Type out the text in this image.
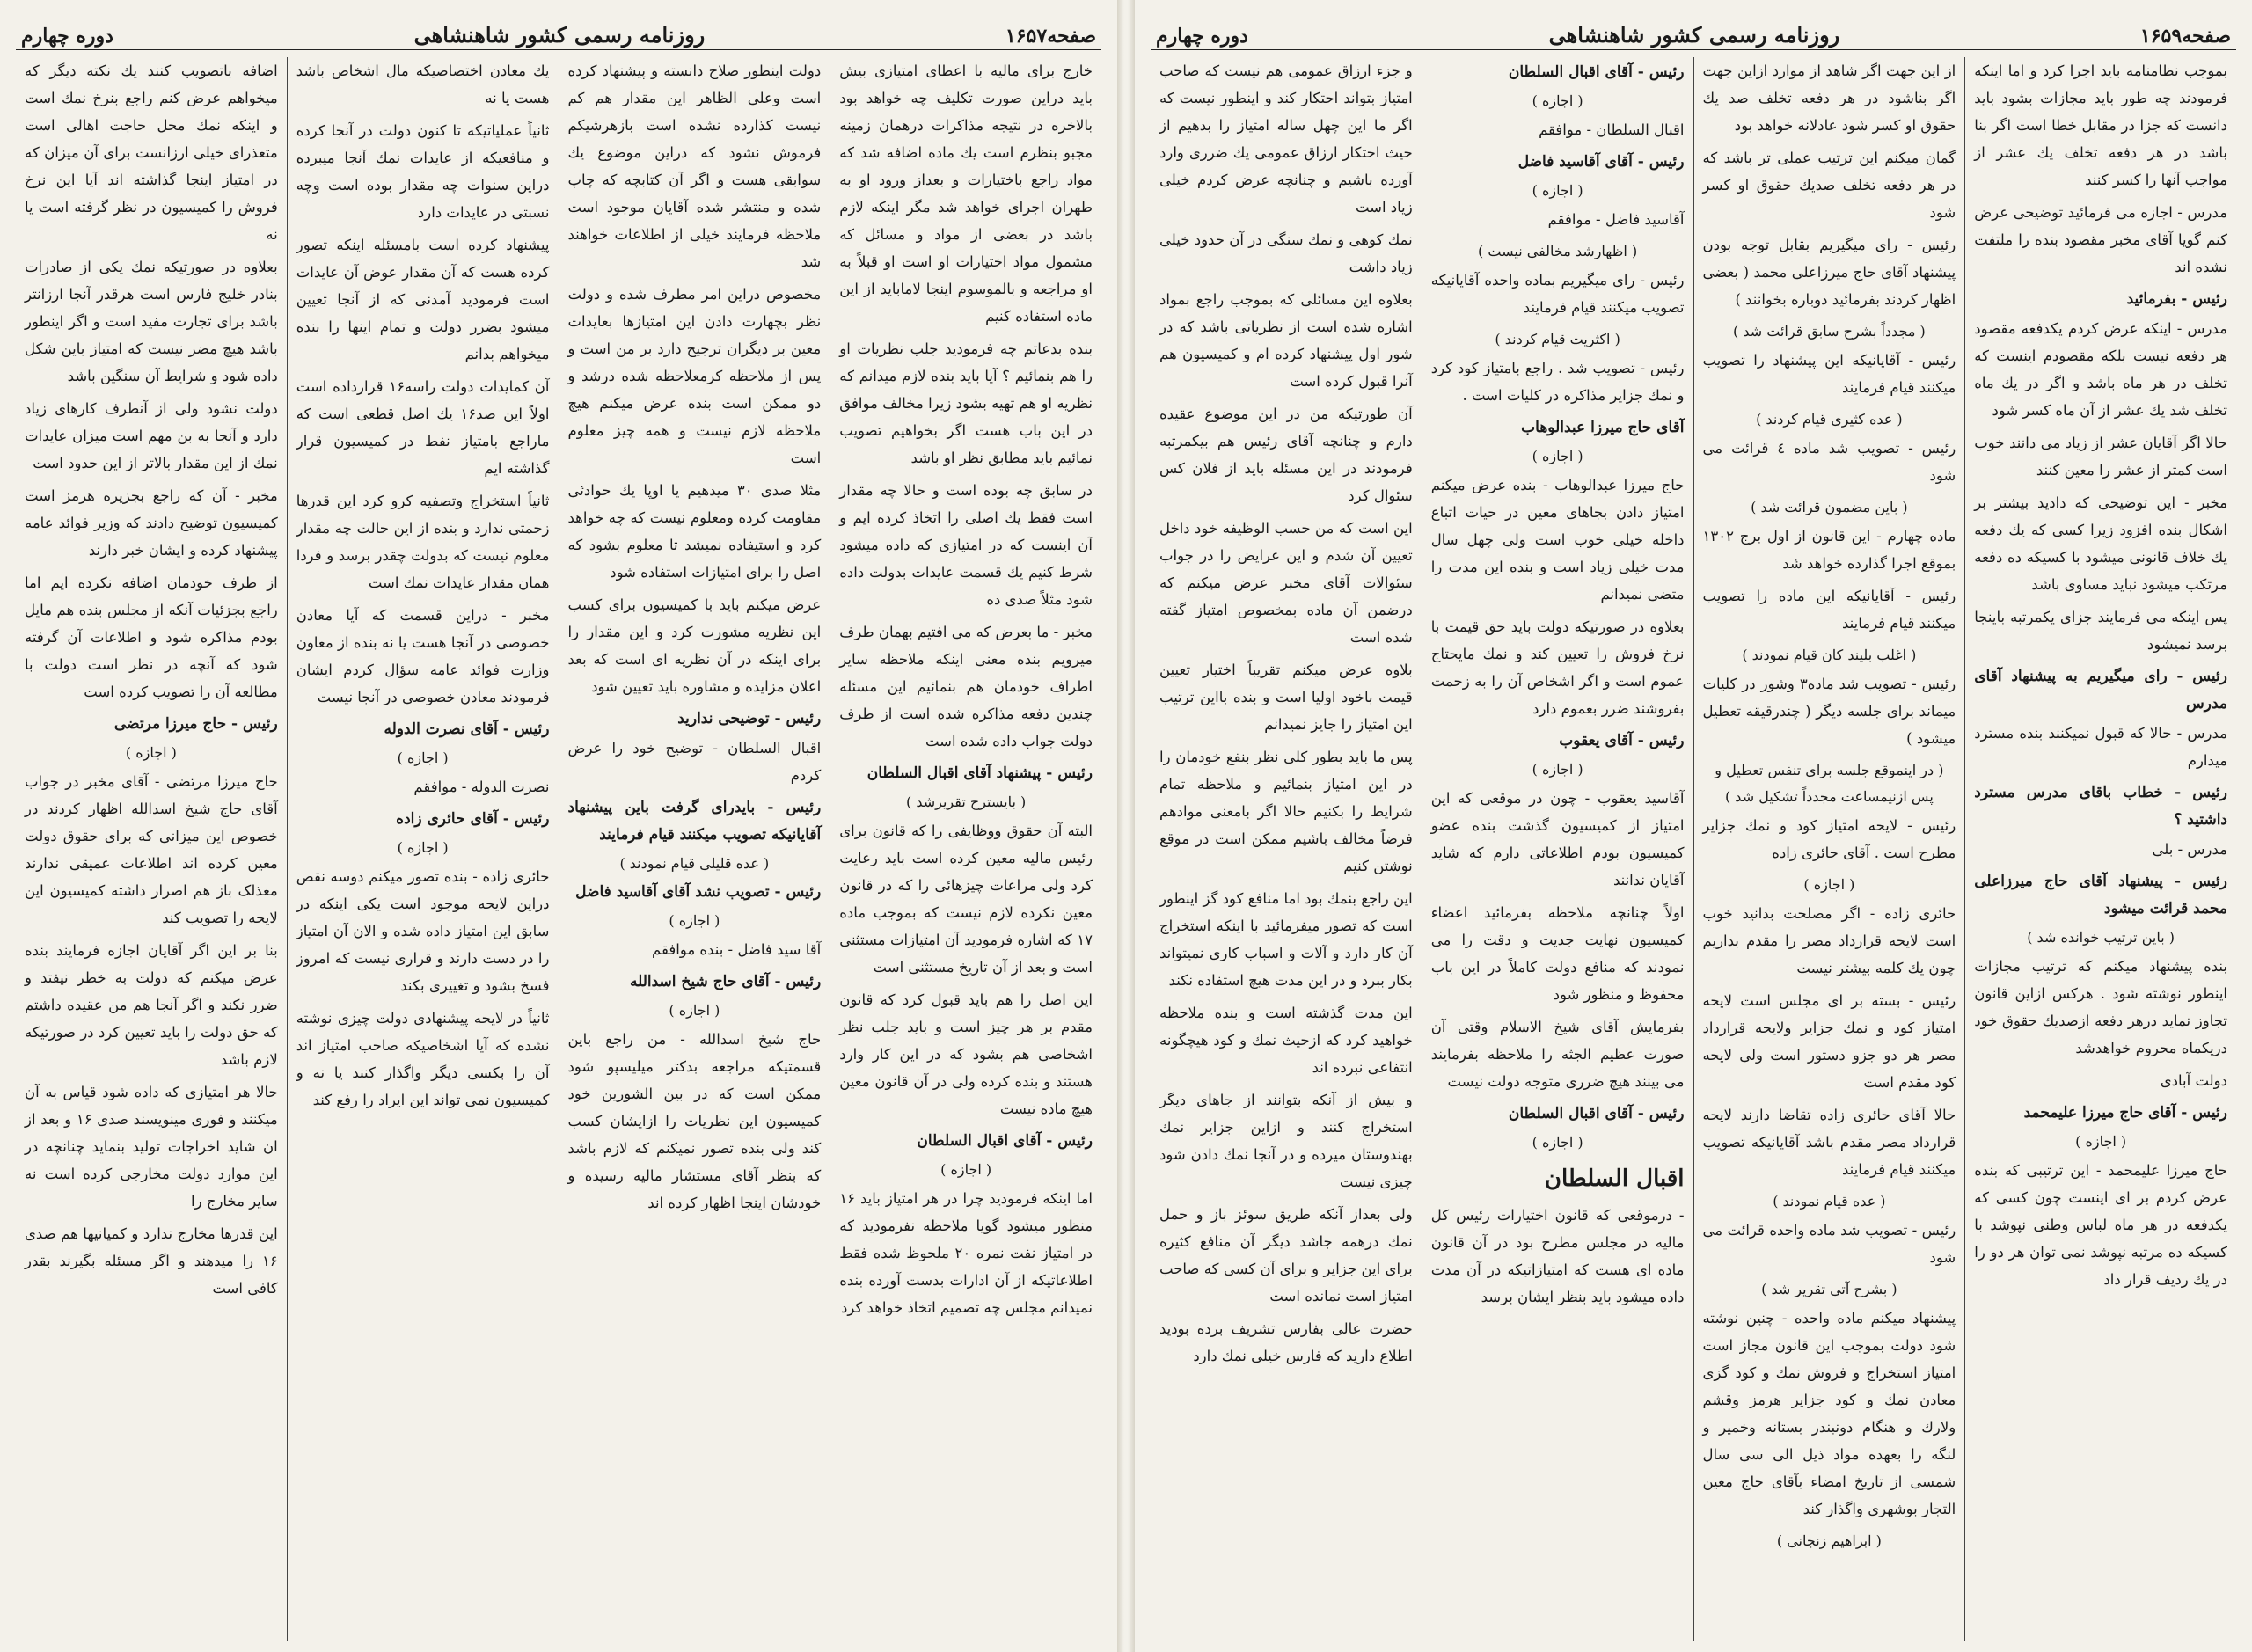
صفحه۱۶۵۹
روزنامه رسمی کشور شاهنشاهی
دوره چهارم

بموجب نظامنامه باید اجرا کرد و اما اینکه فرمودند چه طور باید مجازات بشود باید دانست که جزا در مقابل خطا است اگر بنا باشد در هر دفعه تخلف یك عشر از مواجب آنها را کسر کنند

مدرس - اجازه می فرمائید توضیحی عرض کنم گویا آقای مخبر مقصود بنده را ملتفت نشده اند

رئیس - بفرمائید

مدرس - اینکه عرض کردم یکدفعه مقصود هر دفعه نیست بلکه مقصودم اینست که تخلف در هر ماه باشد و اگر در یك ماه تخلف شد یك عشر از آن ماه کسر شود

حالا اگر آقایان عشر از زیاد می دانند خوب است کمتر از عشر را معین کنند

مخبر - این توضیحی که دادید بیشتر بر اشکال بنده افزود زیرا کسی که یك دفعه یك خلاف قانونی میشود با کسیکه ده دفعه مرتکب میشود نباید مساوی باشد

پس اینکه می فرمایند جزای یکمرتبه باینجا برسد نمیشود

رئیس - رای میگیریم به پیشنهاد آقای مدرس

مدرس - حالا که قبول نمیکنند بنده مسترد میدارم

رئیس - خطاب باقای مدرس مسترد داشتید ؟

مدرس - بلی

رئیس - پیشنهاد آقای حاج میرزاعلی محمد قرائت میشود

( باین ترتیب خوانده شد )

بنده پیشنهاد میکنم که ترتیب مجازات اینطور نوشته شود . هرکس ازاین قانون تجاوز نماید درهر دفعه ازصدیك حقوق خود دریکماه محروم خواهدشد

دولت آبادی

رئیس - آقای حاج میرزا علیمحمد

( اجازه )

حاج میرزا علیمحمد - این ترتیبی که بنده عرض کردم بر ای اینست چون کسی که یکدفعه در هر ماه لباس وطنی نپوشد با کسیکه ده مرتبه نپوشد نمی توان هر دو را در یك ردیف قرار داد

از این جهت اگر شاهد از موارد ازاین جهت اگر بناشود در هر دفعه تخلف صد یك حقوق او کسر شود عادلانه خواهد بود

گمان میکنم این ترتیب عملی تر باشد که در هر دفعه تخلف صدیك حقوق او کسر شود

رئیس - رای میگیریم بقابل توجه بودن پیشنهاد آقای حاج میرزاعلی محمد ( بعضی اظهار کردند بفرمائید دوباره بخوانند )

( مجدداً بشرح سابق قرائت شد )

رئیس - آقایانیکه این پیشنهاد را تصویب میکنند قیام فرمایند

( عده کثیری قیام کردند )

رئیس - تصویب شد ماده ٤ قرائت می شود

( باین مضمون قرائت شد )

ماده چهارم - این قانون از اول برج ۱۳۰۲ بموقع اجرا گذارده خواهد شد

رئیس - آقایانیکه این ماده را تصویب میکنند قیام فرمایند

( اغلب بلیند کان قیام نمودند )

رئیس - تصویب شد ماده۳ وشور در کلیات میماند برای جلسه دیگر ( چندرقیقه تعطیل میشود )

( در اینموقع جلسه برای تنفس تعطیل و پس ازنیمساعت مجدداً تشکیل شد )

رئیس - لایحه امتیاز کود و نمك جزایر مطرح است . آقای حائری زاده

( اجازه )

حائری زاده - اگر مصلحت بدانید خوب است لایحه قرارداد مصر را مقدم بداریم چون یك کلمه بیشتر نیست

رئیس - بسته بر ای مجلس است لایحه امتیاز کود و نمك جزایر ولایحه قرارداد مصر هر دو جزو دستور است ولی لایحه کود مقدم است

حالا آقای حائری زاده تقاضا دارند لایحه قرارداد مصر مقدم باشد آقایانیکه تصویب میکنند قیام فرمایند

( عده قیام نمودند )

رئیس - تصویب شد ماده واحده قرائت می شود

( بشرح آتی تقریر شد )

پیشنهاد میکنم ماده واحده - چنین نوشته شود دولت بموجب این قانون مجاز است امتیاز استخراج و فروش نمك و کود گزی معادن نمك و کود جزایر هرمز وقشم ولارك و هنگام دونبندر بستانه وخمیر و لنگه را بعهده مواد ذیل الی سی سال شمسی از تاریخ امضاء بآقای حاج معین التجار بوشهری واگذار کند

( ابراهیم زنجانی )

رئیس - آقای اقبال السلطان

( اجازه )

اقبال السلطان - موافقم

رئیس - آقای آقاسید فاضل

( اجازه )

آقاسید فاضل - موافقم

( اظهارشد مخالفی نیست )

رئیس - رای میگیریم بماده واحده آقایانیکه تصویب میکنند قیام فرمایند

( اکثریت قیام کردند )

رئیس - تصویب شد . راجع بامتیاز کود کرد و نمك جزایر مذاکره در کلیات است .

آقای حاج میرزا عبدالوهاب

( اجازه )

حاج میرزا عبدالوهاب - بنده عرض میکنم امتیاز دادن بجاهای معین در حیات اتباع داخله خیلی خوب است ولی چهل سال مدت خیلی زیاد است و بنده این مدت را متضی نمیدانم

بعلاوه در صورتیکه دولت باید حق قیمت با نرخ فروش را تعیین کند و نمك مایحتاج عموم است و اگر اشخاص آن را به زحمت بفروشند ضرر بعموم دارد

رئیس - آقای یعقوب

( اجازه )

آقاسید یعقوب - چون در موقعی که این امتیاز از کمیسیون گذشت بنده عضو کمیسیون بودم اطلاعاتی دارم که شاید آقایان ندانند

اولاً چنانچه ملاحظه بفرمائید اعضاء کمیسیون نهایت جدیت و دقت را می نمودند که منافع دولت کاملاً در این باب محفوظ و منظور شود

بفرمایش آقای شیخ الاسلام وقتی آن صورت عظیم الجثه را ملاحظه بفرمایند می بینند هیچ ضرری متوجه دولت نیست

رئیس - آقای اقبال السلطان

( اجازه )

اقبال السلطان

- درموقعی که قانون اختیارات رئیس کل مالیه در مجلس مطرح بود در آن قانون ماده ای هست که امتیازاتیکه در آن مدت داده میشود باید بنظر ایشان برسد

و جزء ارزاق عمومی هم نیست که صاحب امتیاز بتواند احتکار کند و اینطور نیست که اگر ما این چهل ساله امتیاز را بدهیم از حیث احتکار ارزاق عمومی یك ضرری وارد آورده باشیم و چنانچه عرض کردم خیلی زیاد است

نمك کوهی و نمك سنگی در آن حدود خیلی زیاد داشت

بعلاوه این مسائلی که بموجب راجع بمواد اشاره شده است از نظریاتی باشد که در شور اول پیشنهاد کرده ام و کمیسیون هم آنرا قبول کرده است

آن طورتیکه من در این موضوع عقیده دارم و چنانچه آقای رئیس هم بیکمرتبه فرمودند در این مسئله باید از فلان کس سئوال کرد

این است که من حسب الوظیفه خود داخل تعیین آن شدم و این عرایض را در جواب سئوالات آقای مخبر عرض میکنم که درضمن آن ماده بمخصوص امتیاز گفته شده است

بلاوه عرض میکنم تقریباً اختیار تعیین قیمت باخود اولیا است و بنده بااین ترتیب این امتیاز را جایز نمیدانم

پس ما باید بطور کلی نظر بنفع خودمان را در این امتیاز بنمائیم و ملاحظه تمام شرایط را بکنیم حالا اگر بامعنی موادهم فرضاً مخالف باشیم ممکن است در موقع نوشتن کنیم

این راجع بنمك بود اما منافع کود گز اینطور است که تصور میفرمائید با اینکه استخراج آن کار دارد و آلات و اسباب کاری نمیتواند بکار ببرد و در این مدت هیچ استفاده نکند

این مدت گذشته است و بنده ملاحظه خواهید کرد که ازحیث نمك و کود هیچگونه انتفاعی نبرده اند

و بیش از آنکه بتوانند از جاهای دیگر استخراج کنند و ازاین جزایر نمك بهندوستان میرده و در آنجا نمك دادن شود چیزی نیست

ولی بعداز آنکه طریق سوئز باز و حمل نمك درهمه جاشد دیگر آن منافع کثیره برای این جزایر و برای آن کسی که صاحب امتیاز است نمانده است

حضرت عالی بفارس تشریف برده بودید اطلاع دارید که فارس خیلی نمك دارد

صفحه۱۶۵۷
روزنامه رسمی کشور شاهنشاهی
دوره چهارم

خارج برای مالیه با اعطای امتیازی بیش باید دراین صورت تکلیف چه خواهد بود بالاخره در نتیجه مذاکرات درهمان زمینه مجبو بنظرم است یك ماده اضافه شد که مواد راجع باختیارات و بعداز ورود او به طهران اجرای خواهد شد مگر اینکه لازم باشد در بعضی از مواد و مسائل که مشمول مواد اختیارات او است او قبلاً به او مراجعه و بالموسوم اینجا لاماباید از این ماده استفاده کنیم

بنده بدعاتم چه فرمودید جلب نظریات او را هم بنمائیم ؟ آیا باید بنده لازم میدانم که نظریه او هم تهیه بشود زیرا مخالف موافق در این باب هست اگر بخواهیم تصویب نمائیم باید مطابق نظر او باشد

در سابق چه بوده است و حالا چه مقدار است فقط یك اصلی را اتخاذ کرده ایم و آن اینست که در امتیازی که داده میشود شرط کنیم یك قسمت عایدات بدولت داده شود مثلاً صدی ده

مخبر - ما بعرض که می افتیم بهمان طرف میرویم بنده معنی اینکه ملاحظه سایر اطراف خودمان هم بنمائیم این مسئله چندین دفعه مذاکره شده است از طرف دولت جواب داده شده است

رئیس - پیشنهاد آقای اقبال السلطان

( بایسترح تقریرشد )

البته آن حقوق ووظایفی را که قانون برای رئیس مالیه معین کرده است باید رعایت کرد ولی مراعات چیزهائی را که در قانون معین نکرده لازم نیست که بموجب ماده ۱۷ که اشاره فرمودید آن امتیازات مستثنی است و بعد از آن تاریخ مستثنی است

این اصل را هم باید قبول کرد که قانون مقدم بر هر چیز است و باید جلب نظر اشخاصی هم بشود که در این کار وارد هستند و بنده کرده ولی در آن قانون معین هیچ ماده نیست

رئیس - آقای اقبال السلطان

( اجازه )

اما اینکه فرمودید چرا در هر امتیاز باید ۱۶ منظور میشود گویا ملاحظه نفرمودید که در امتیاز نفت نمره ۲۰ ملحوظ شده فقط اطلاعاتیکه از آن ادارات بدست آورده بنده نمیدانم مجلس چه تصمیم اتخاذ خواهد کرد

دولت اینطور صلاح دانسته و پیشنهاد کرده است وعلی الظاهر این مقدار هم کم نیست کذارده نشده است بازهرشیکم فرموش نشود که دراین موضوع یك سوابقی هست و اگر آن کتابچه که چاپ شده و منتشر شده آقایان موجود است ملاحظه فرمایند خیلی از اطلاعات خواهند شد

مخصوص دراین امر مطرف شده و دولت نظر بچهارت دادن این امتیازها بعایدات معین بر دیگران ترجیح دارد بر من است و پس از ملاحظه کرمعلاحظه شده درشد و دو ممکن است بنده عرض میکنم هیچ ملاحظه لازم نیست و همه چیز معلوم است

مثلا صدی ۳۰ میدهیم یا اوپا یك حوادثی مقاومت کرده ومعلوم نیست که چه خواهد کرد و استیفاده نمیشد تا معلوم بشود که اصل را برای امتیازات استفاده شود

عرض میکنم باید با کمیسیون برای کسب این نظریه مشورت کرد و این مقدار را برای اینکه در آن نظریه ای است که بعد اعلان مزایده و مشاوره باید تعیین شود

رئیس - توضیحی ندارید

اقبال السلطان - توضیح خود را عرض کردم

رئیس - بایدرای گرفت باین پیشنهاد آقایانیکه تصویب میکنند قیام فرمایند

( عده قلیلی قیام نمودند )

رئیس - تصویب نشد آقای آقاسید فاضل

( اجازه )

آقا سید فاضل - بنده موافقم

رئیس - آقای حاج شیخ اسدالله

( اجازه )

حاج شیخ اسدالله - من راجع باین قسمتیکه مراجعه بدکتر میلیسپو شود ممکن است که در بین الشورین خود کمیسیون این نظریات را ازایشان کسب کند ولی بنده تصور نمیکنم که لازم باشد که بنظر آقای مستشار مالیه رسیده و خودشان اینجا اظهار کرده اند

یك معادن اختصاصیکه مال اشخاص باشد هست یا نه

ثانیاً عملیاتیکه تا کنون دولت در آنجا کرده و منافعیکه از عایدات نمك آنجا میبرده دراین سنوات چه مقدار بوده است وچه نسبتی در عایدات دارد

پیشنهاد کرده است بامسئله اینکه تصور کرده هست که آن مقدار عوض آن عایدات است فرمودید آمدنی که از آنجا تعیین میشود بضرر دولت و تمام اینها را بنده میخواهم بدانم

آن کمایدات دولت راسه۱۶ قرارداده است اولاً این صد۱۶ یك اصل قطعی است که ماراجع بامتیاز نفط در کمیسیون قرار گذاشته ایم

ثانیاً استخراج وتصفیه کرو کرد این قدرها زحمتی ندارد و بنده از این حالت چه مقدار معلوم نیست که بدولت چقدر برسد و فردا همان مقدار عایدات نمك است

مخبر - دراین قسمت که آیا معادن خصوصی در آنجا هست یا نه بنده از معاون وزارت فوائد عامه سؤال کردم ایشان فرمودند معادن خصوصی در آنجا نیست

رئیس - آقای نصرت الدوله

( اجازه )

نصرت الدوله - موافقم

رئیس - آقای حائری زاده

( اجازه )

حائری زاده - بنده تصور میکنم دوسه نقص دراین لایحه موجود است یکی اینکه در سابق این امتیاز داده شده و الان آن امتیاز را در دست دارند و قراری نیست که امروز فسخ بشود و تغییری بکند

ثانیاً در لایحه پیشنهادی دولت چیزی نوشته نشده که آیا اشخاصیکه صاحب امتیاز اند آن را بکسی دیگر واگذار کنند یا نه و کمیسیون نمی تواند این ایراد را رفع کند

اضافه باتصویب کنند یك نکته دیگر که میخواهم عرض کنم راجع بنرخ نمك است و اینکه نمك محل حاجت اهالی است متعذرای خیلی ارزانست برای آن میزان که در امتیاز اینجا گذاشته اند آیا این نرخ فروش را کمیسیون در نظر گرفته است یا نه

بعلاوه در صورتیکه نمك یکی از صادرات بنادر خلیج فارس است هرقدر آنجا ارزانتر باشد برای تجارت مفید است و اگر اینطور باشد هیچ مضر نیست که امتیاز باین شکل داده شود و شرایط آن سنگین باشد

دولت نشود ولی از آنطرف کارهای زیاد دارد و آنجا به بن مهم است میزان عایدات نمك از این مقدار بالاتر از این حدود است

مخبر - آن که راجع بجزیره هرمز است کمیسیون توضیح دادند که وزیر فوائد عامه پیشنهاد کرده و ایشان خبر دارند

از طرف خودمان اضافه نکرده ایم اما راجع بجزئیات آنکه از مجلس بنده هم مایل بودم مذاکره شود و اطلاعات آن گرفته شود که آنچه در نظر است دولت با مطالعه آن را تصویب کرده است

رئیس - حاج میرزا مرتضی

( اجازه )

حاج میرزا مرتضی - آقای مخبر در جواب آقای حاج شیخ اسدالله اظهار کردند در خصوص این میزانی که برای حقوق دولت معین کرده اند اطلاعات عمیقی ندارند معذلک باز هم اصرار داشته کمیسیون این لایحه را تصویب کند

بنا بر این اگر آقایان اجازه فرمایند بنده عرض میکنم که دولت به خطر نیفتد و ضرر نکند و اگر آنجا هم من عقیده داشتم که حق دولت را باید تعیین کرد در صورتیکه لازم باشد

حالا هر امتیازی که داده شود قیاس به آن میکنند و فوری مینویسند صدی ۱۶ و بعد از ان شاید اخراجات تولید بنماید چنانچه در این موارد دولت مخارجی کرده است نه سایر مخارج را

این قدرها مخارج ندارد و کمیانیها هم صدی ۱۶ را میدهند و اگر مسئله بگیرند بقدر کافی است
